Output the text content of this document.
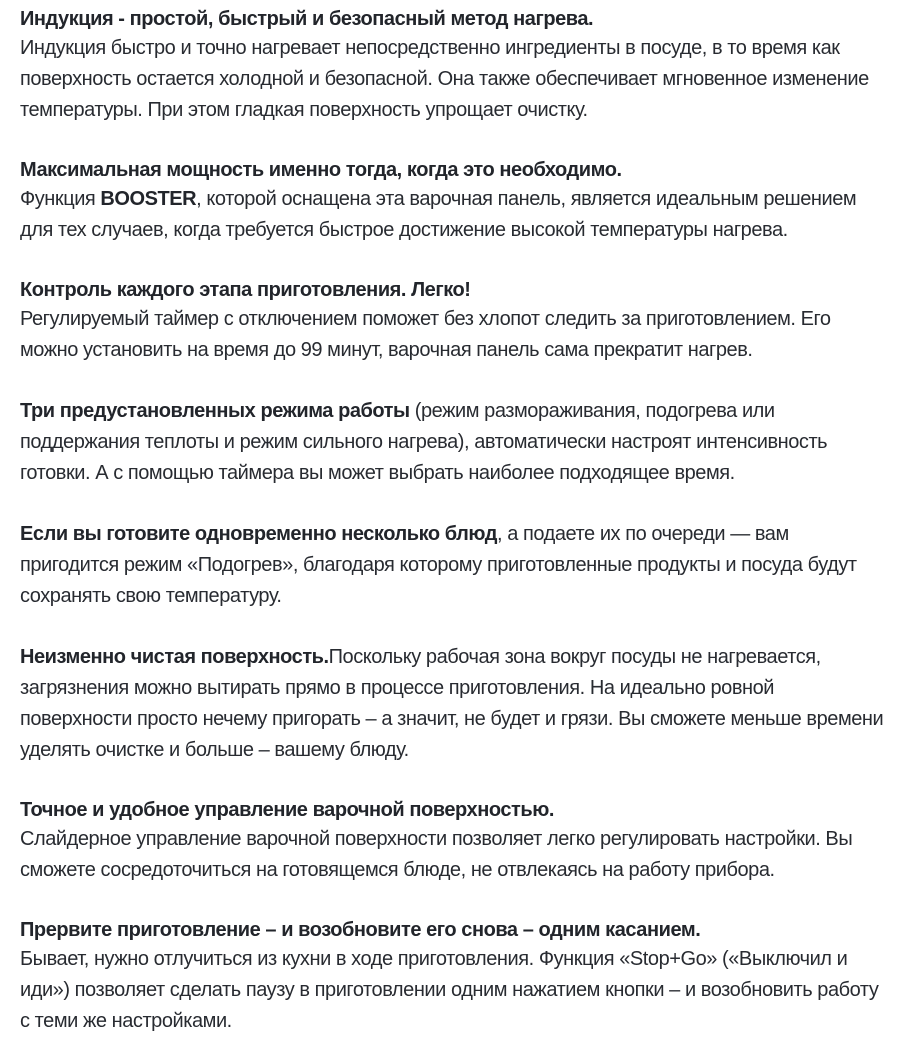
Индукция - простой, быстрый и безопасный метод нагрева.

Индукция быстро и точно нагревает непосредственно ингредиенты в посуде, в то время как поверхность остается холодной и безопасной. Она также обеспечивает мгновенное изменение температуры. При этом гладкая поверхность упрощает очистку.

Максимальная мощность именно тогда, когда это необходимо.

Функция BOOSTER, которой оснащена эта варочная панель, является идеальным решением для тех случаев, когда требуется быстрое достижение высокой температуры нагрева.

Контроль каждого этапа приготовления. Легко!

Регулируемый таймер с отключением поможет без хлопот следить за приготовлением. Его можно установить на время до 99 минут, варочная панель сама прекратит нагрев.

Три предустановленных режима работы (режим размораживания, подогрева или поддержания теплоты и режим сильного нагрева), автоматически настроят интенсивность готовки. А с помощью таймера вы может выбрать наиболее подходящее время.

Если вы готовите одновременно несколько блюд, а подаете их по очереди — вам пригодится режим «Подогрев», благодаря которому приготовленные продукты и посуда будут сохранять свою температуру.

Неизменно чистая поверхность.Поскольку рабочая зона вокруг посуды не нагревается, загрязнения можно вытирать прямо в процессе приготовления. На идеально ровной поверхности просто нечему пригорать – а значит, не будет и грязи. Вы сможете меньше времени уделять очистке и больше – вашему блюду.

Точное и удобное управление варочной поверхностью.

Слайдерное управление варочной поверхности позволяет легко регулировать настройки. Вы сможете сосредоточиться на готовящемся блюде, не отвлекаясь на работу прибора.

Прервите приготовление – и возобновите его снова – одним касанием.

Бывает, нужно отлучиться из кухни в ходе приготовления. Функция «Stop+Go» («Выключил и иди») позволяет сделать паузу в приготовлении одним нажатием кнопки – и возобновить работу с теми же настройками.
